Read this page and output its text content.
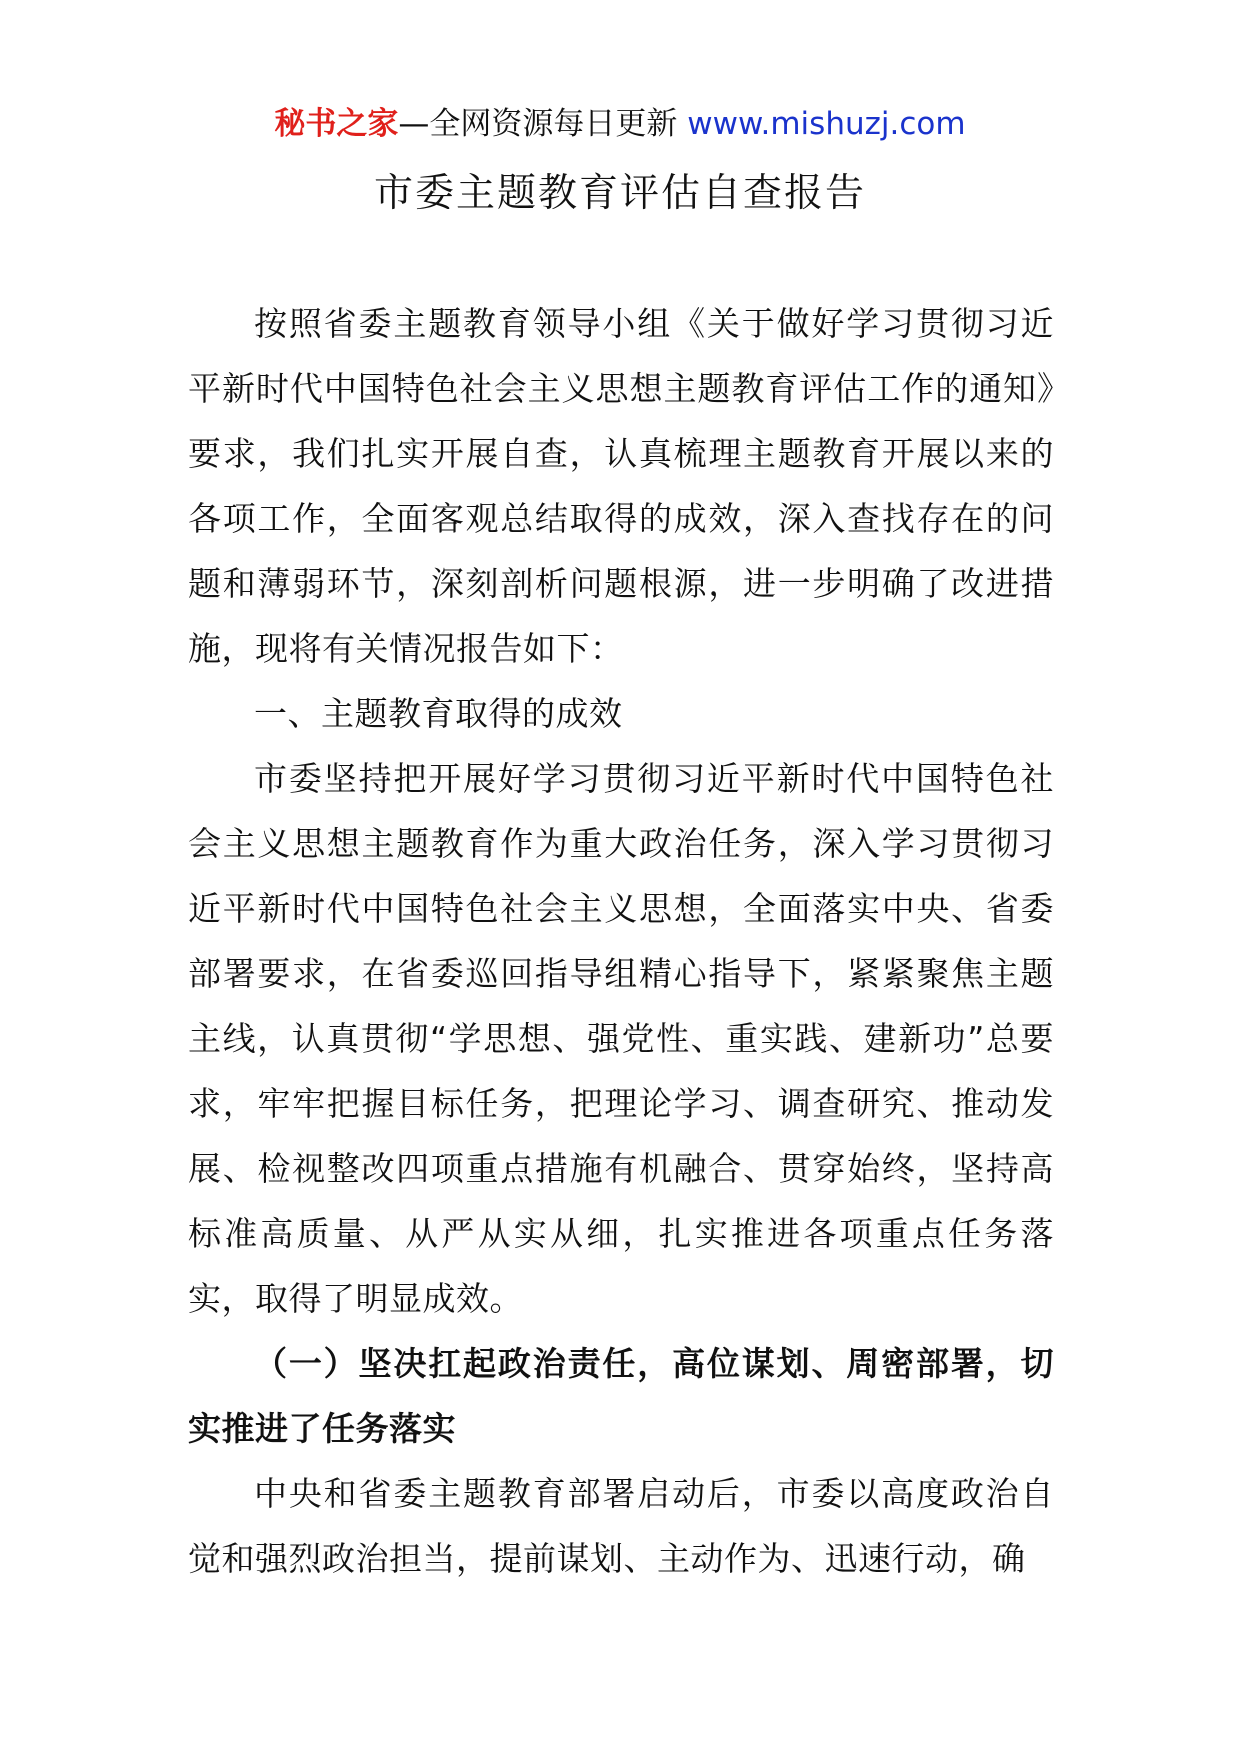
秘书之家—全网资源每日更新 www.mishuzj.com
市委主题教育评估自查报告

按照省委主题教育领导小组《关于做好学习贯彻习近平新时代中国特色社会主义思想主题教育评估工作的通知》要求，我们扎实开展自查，认真梳理主题教育开展以来的各项工作，全面客观总结取得的成效，深入查找存在的问题和薄弱环节，深刻剖析问题根源，进一步明确了改进措施，现将有关情况报告如下：

一、主题教育取得的成效

市委坚持把开展好学习贯彻习近平新时代中国特色社会主义思想主题教育作为重大政治任务，深入学习贯彻习近平新时代中国特色社会主义思想，全面落实中央、省委部署要求，在省委巡回指导组精心指导下，紧紧聚焦主题主线，认真贯彻“学思想、强党性、重实践、建新功”总要求，牢牢把握目标任务，把理论学习、调查研究、推动发展、检视整改四项重点措施有机融合、贯穿始终，坚持高标准高质量、从严从实从细，扎实推进各项重点任务落实，取得了明显成效。

（一）坚决扛起政治责任，高位谋划、周密部署，切实推进了任务落实

中央和省委主题教育部署启动后，市委以高度政治自觉和强烈政治担当，提前谋划、主动作为、迅速行动，确
